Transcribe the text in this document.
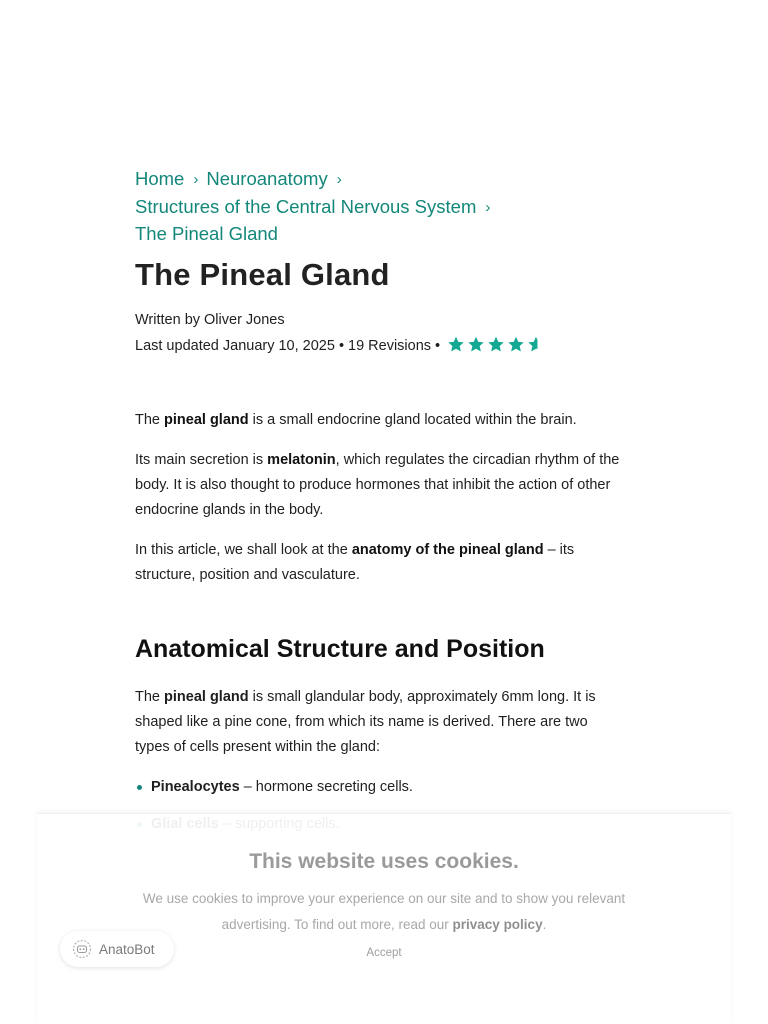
Home › Neuroanatomy ›
Structures of the Central Nervous System ›
The Pineal Gland
The Pineal Gland
Written by Oliver Jones
Last updated January 10, 2025 • 19 Revisions •

The pineal gland is a small endocrine gland located within the brain.

Its main secretion is melatonin, which regulates the circadian rhythm of the body. It is also thought to produce hormones that inhibit the action of other endocrine glands in the body.

In this article, we shall look at the anatomy of the pineal gland – its structure, position and vasculature.

Anatomical Structure and Position

The pineal gland is small glandular body, approximately 6mm long. It is shaped like a pine cone, from which its name is derived. There are two types of cells present within the gland:

Pinealocytes – hormone secreting cells.
This website uses cookies.
We use cookies to improve your experience on our site and to show you relevant advertising. To find out more, read our privacy policy.
Accept
AnatoBot
